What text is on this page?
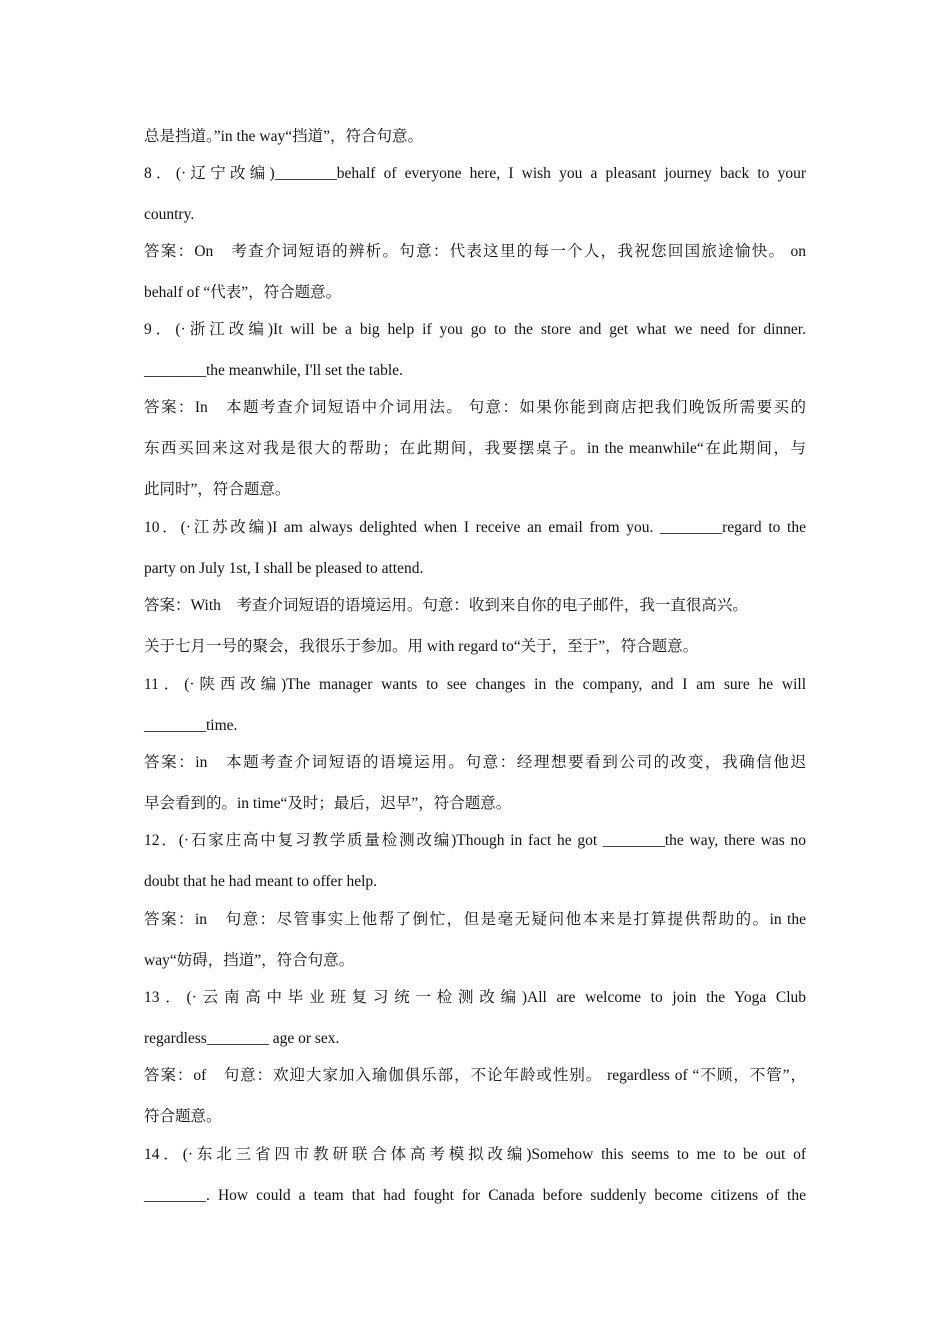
总是挡道。”in the way“挡道”，符合句意。
8．(·辽宁改编)________behalf of everyone here, I wish you a pleasant journey back to your
country.
答案：On　考查介词短语的辨析。句意：代表这里的每一个人，我祝您回国旅途愉快。 on
behalf of “代表”，符合题意。
9．(·浙江改编)It will be a big help if you go to the store and get what we need for dinner.
________the meanwhile, I'll set the table.
答案：In　本题考查介词短语中介词用法。 句意：如果你能到商店把我们晚饭所需要买的
东西买回来这对我是很大的帮助；在此期间，我要摆桌子。in the meanwhile“在此期间，与
此同时”，符合题意。
10．(·江苏改编)I am always delighted when I receive an email from you. ________regard to the
party on July 1st, I shall be pleased to attend.
答案：With　考查介词短语的语境运用。句意：收到来自你的电子邮件，我一直很高兴。
关于七月一号的聚会，我很乐于参加。用 with regard to“关于，至于”，符合题意。
11．(·陕西改编)The manager wants to see changes in the company, and I am sure he will
________time.
答案：in　本题考查介词短语的语境运用。句意：经理想要看到公司的改变，我确信他迟
早会看到的。in time“及时；最后，迟早”，符合题意。
12．(·石家庄高中复习教学质量检测改编)Though in fact he got ________the way, there was no
doubt that he had meant to offer help.
答案：in　句意：尽管事实上他帮了倒忙，但是毫无疑问他本来是打算提供帮助的。in the
way“妨碍，挡道”，符合句意。
13．(·云南高中毕业班复习统一检测改编)All are welcome to join the Yoga Club
regardless________ age or sex.
答案：of　句意：欢迎大家加入瑜伽俱乐部，不论年龄或性别。 regardless of “不顾，不管”，
符合题意。
14．(·东北三省四市教研联合体高考模拟改编)Somehow this seems to me to be out of
________. How could a team that had fought for Canada before suddenly become citizens of the
